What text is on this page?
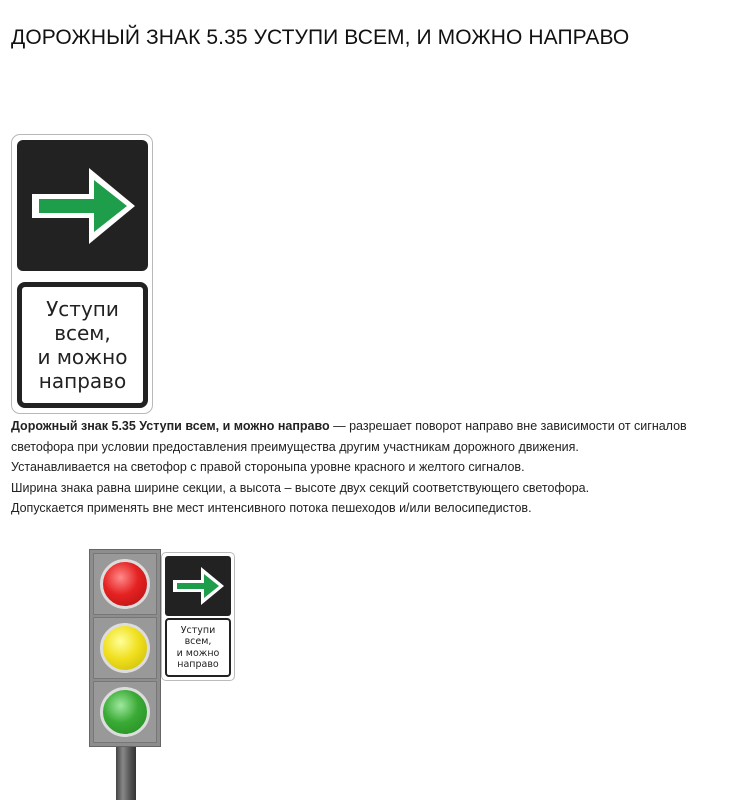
ДОРОЖНЫЙ ЗНАК 5.35 УСТУПИ ВСЕМ, И МОЖНО НАПРАВО
Уступи
всем,
и можно
направо

Дорожный знак 5.35 Уступи всем, и можно направо — разрешает поворот направо вне зависимости от сигналов светофора при условии предоставления преимущества другим участникам дорожного движения.

Устанавливается на светофор с правой стороныпа уровне красного и желтого сигналов.

Ширина знака равна ширине секции, а высота – высоте двух секций соответствующего светофора.

Допускается применять вне мест интенсивного потока пешеходов и/или велосипедистов.

Уступи
всем,
и можно
направо
